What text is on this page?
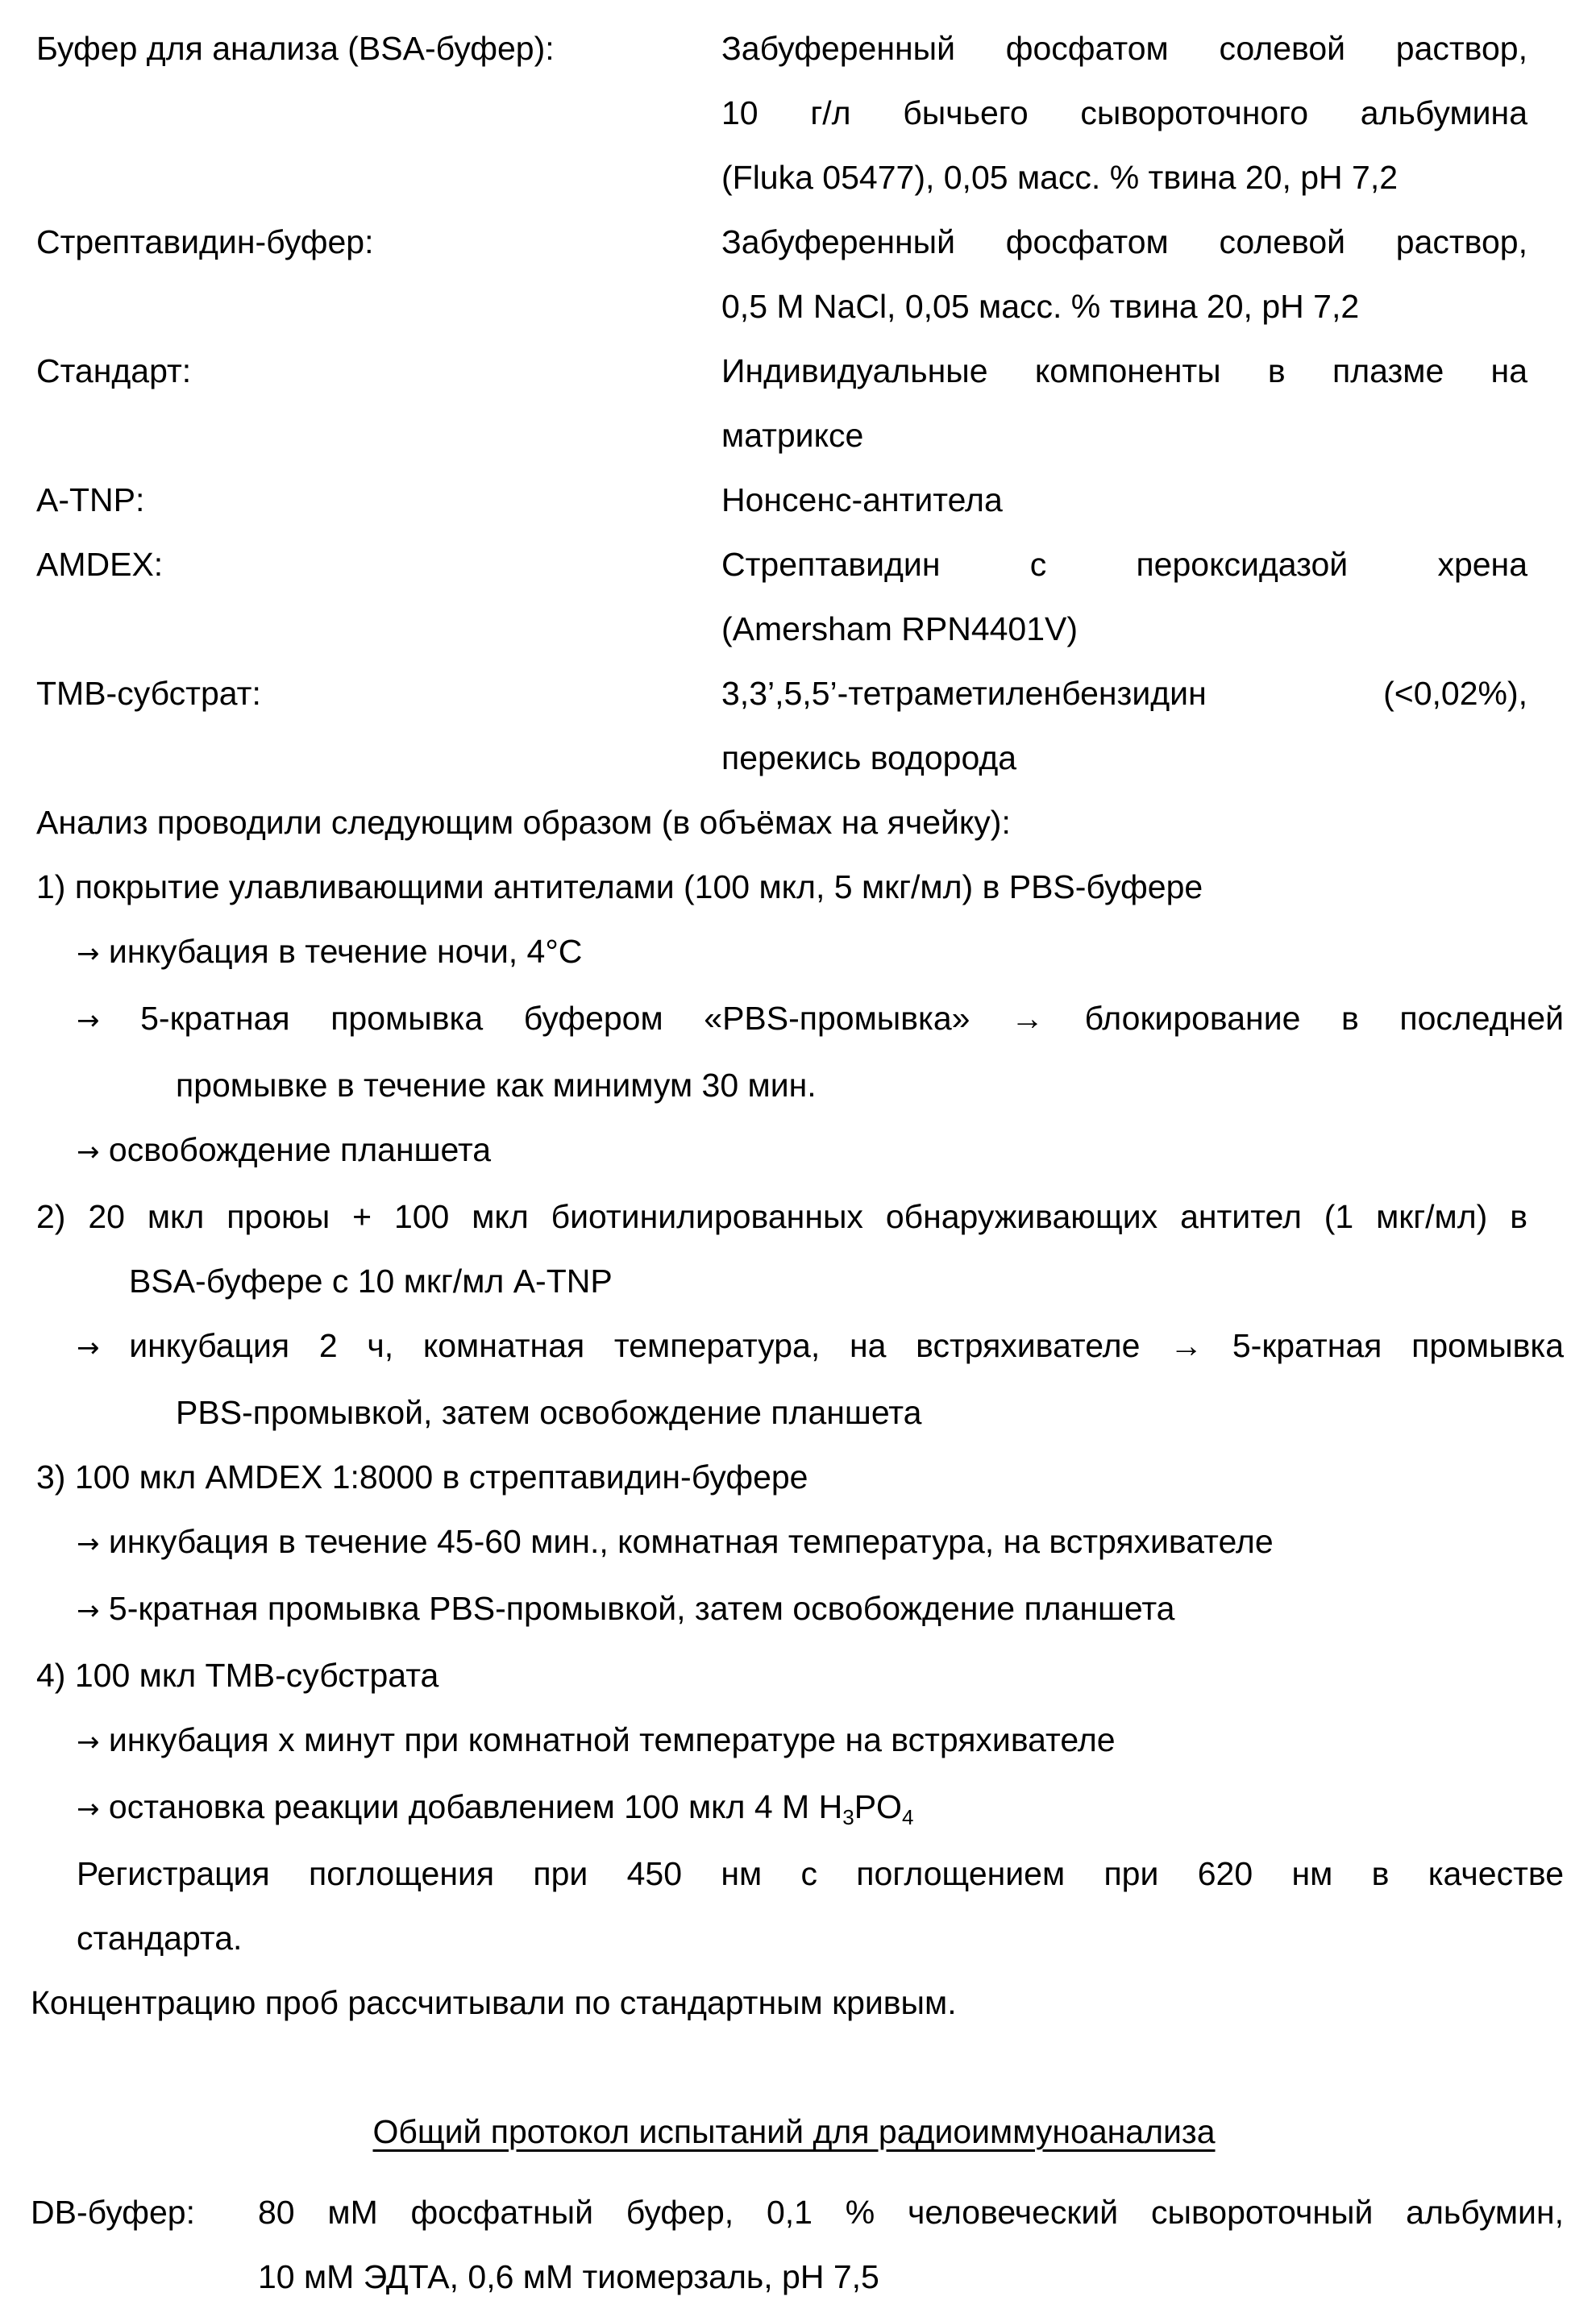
Буфер для анализа (BSA-буфер):	Забуференный фосфатом солевой раствор,
10 г/л бычьего сывороточного альбумина
(Fluka 05477), 0,05 масс. % твина 20, pH 7,2
Стрептавидин-буфер:	Забуференный фосфатом солевой раствор,
0,5 M NaCl, 0,05 масс. % твина 20, pH 7,2
Стандарт:	Индивидуальные компоненты в плазме на
матриксе
A-TNP:	Нонсенс-антитела
AMDEX:	Стрептавидин с пероксидазой хрена
(Amersham RPN4401V)
ТМВ-субстрат:	3,3’,5,5’-тетраметиленбензидин (<0,02%),
перекись водорода
Анализ проводили следующим образом (в объёмах на ячейку):
1) покрытие улавливающими антителами (100 мкл, 5 мкг/мл) в PBS-буфере
→ инкубация в течение ночи, 4°C
→ 5-кратная промывка буфером «PBS-промывка» → блокирование в последней
промывке в течение как минимум 30 мин.
→ освобождение планшета
2) 20 мкл проюы + 100 мкл биотинилированных обнаруживающих антител (1 мкг/мл) в
BSA-буфере с 10 мкг/мл A-TNP
→ инкубация 2 ч, комнатная температура, на встряхивателе → 5-кратная промывка
PBS-промывкой, затем освобождение планшета
3) 100 мкл AMDEX 1:8000 в стрептавидин-буфере
→ инкубация в течение 45-60 мин., комнатная температура, на встряхивателе
→ 5-кратная промывка PBS-промывкой, затем освобождение планшета
4) 100 мкл ТМВ-субстрата
→ инкубация x минут при комнатной температуре на встряхивателе
→ остановка реакции добавлением 100 мкл 4 M $H_3PO_4$
Регистрация поглощения при 450 нм с поглощением при 620 нм в качестве
стандарта.
Концентрацию проб рассчитывали по стандартным кривым.
Общий протокол испытаний для радиоиммуноанализа
DB-буфер:	80 мМ фосфатный буфер, 0,1 % человеческий сывороточный альбумин,
10 мМ ЭДТА, 0,6 мМ тиомерзаль, pH 7,5
